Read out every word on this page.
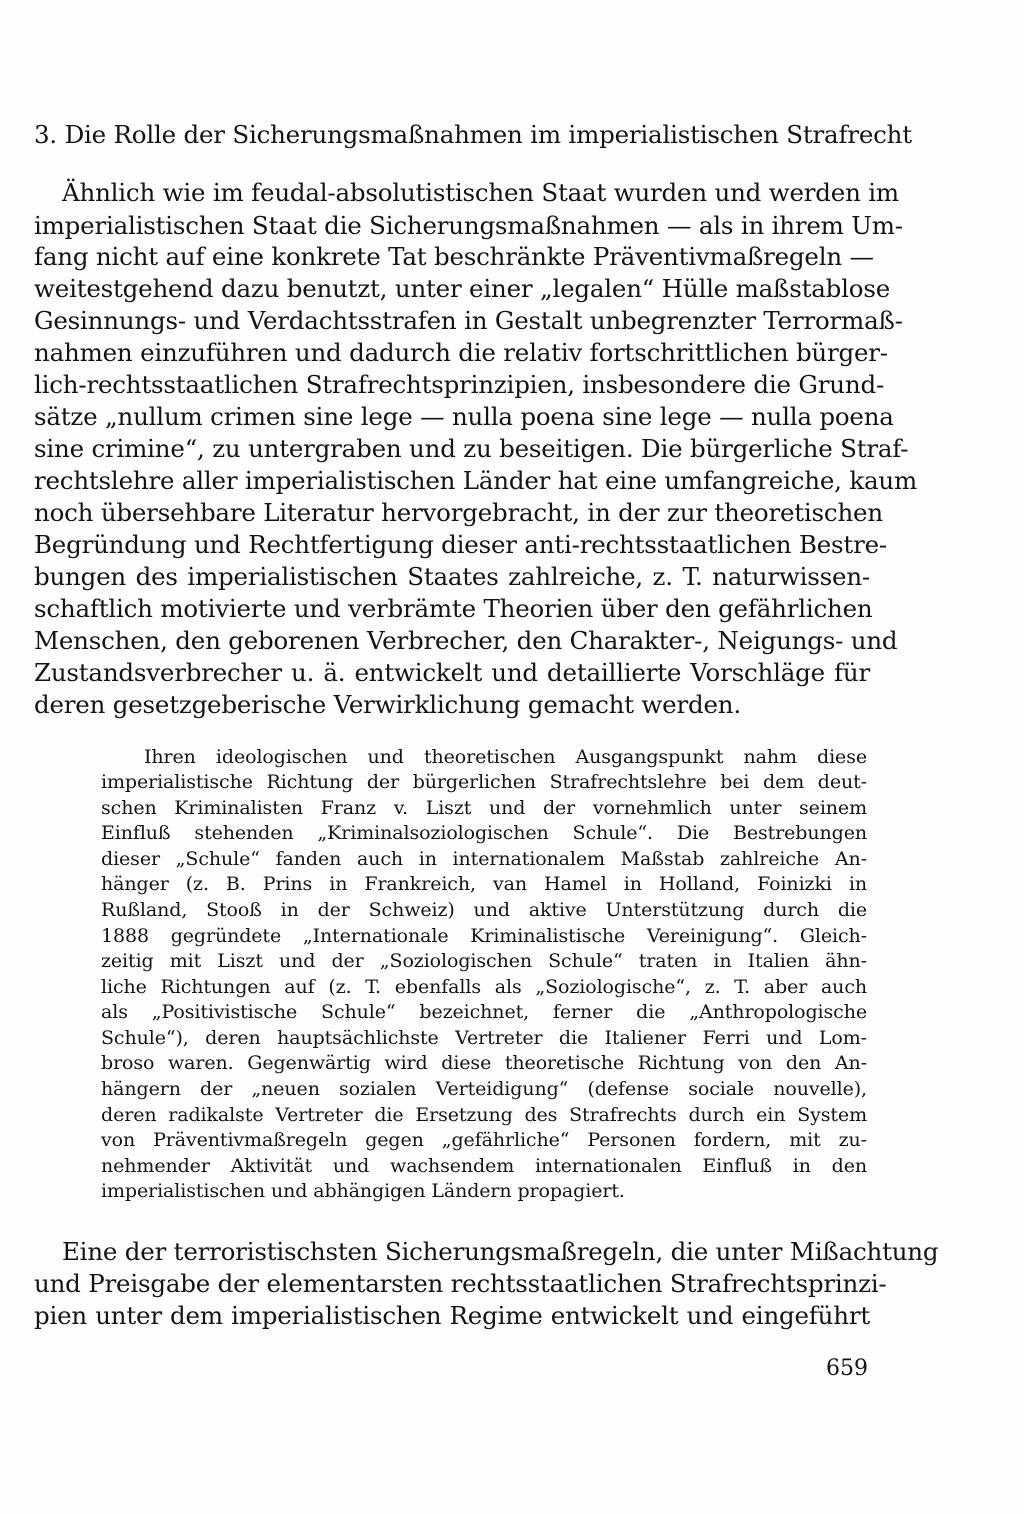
3. Die Rolle der Sicherungsmaßnahmen im imperialistischen Strafrecht

Ähnlich wie im feudal-absolutistischen Staat wurden und werden im

imperialistischen Staat die Sicherungsmaßnahmen — als in ihrem Um-

fang nicht auf eine konkrete Tat beschränkte Präventivmaßregeln —

weitestgehend dazu benutzt, unter einer „legalen“ Hülle maßstablose

Gesinnungs- und Verdachtsstrafen in Gestalt unbegrenzter Terrormaß-

nahmen einzuführen und dadurch die relativ fortschrittlichen bürger-

lich-rechtsstaatlichen Strafrechtsprinzipien, insbesondere die Grund-

sätze „nullum crimen sine lege — nulla poena sine lege — nulla poena

sine crimine“, zu untergraben und zu beseitigen. Die bürgerliche Straf-

rechtslehre aller imperialistischen Länder hat eine umfangreiche, kaum

noch übersehbare Literatur hervorgebracht, in der zur theoretischen

Begründung und Rechtfertigung dieser anti-rechtsstaatlichen Bestre-

bungen des imperialistischen Staates zahlreiche, z. T. naturwissen-

schaftlich motivierte und verbrämte Theorien über den gefährlichen

Menschen, den geborenen Verbrecher, den Charakter-, Neigungs- und

Zustandsverbrecher u. ä. entwickelt und detaillierte Vorschläge für

deren gesetzgeberische Verwirklichung gemacht werden.

Ihren ideologischen und theoretischen Ausgangspunkt nahm diese

imperialistische Richtung der bürgerlichen Strafrechtslehre bei dem deut-

schen Kriminalisten Franz v. Liszt und der vornehmlich unter seinem

Einfluß stehenden „Kriminalsoziologischen Schule“. Die Bestrebungen

dieser „Schule“ fanden auch in internationalem Maßstab zahlreiche An-

hänger (z. B. Prins in Frankreich, van Hamel in Holland, Foinizki in

Rußland, Stooß in der Schweiz) und aktive Unterstützung durch die

1888 gegründete „Internationale Kriminalistische Vereinigung“. Gleich-

zeitig mit Liszt und der „Soziologischen Schule“ traten in Italien ähn-

liche Richtungen auf (z. T. ebenfalls als „Soziologische“, z. T. aber auch

als „Positivistische Schule“ bezeichnet, ferner die „Anthropologische

Schule“), deren hauptsächlichste Vertreter die Italiener Ferri und Lom-

broso waren. Gegenwärtig wird diese theoretische Richtung von den An-

hängern der „neuen sozialen Verteidigung“ (defense sociale nouvelle),

deren radikalste Vertreter die Ersetzung des Strafrechts durch ein System

von Präventivmaßregeln gegen „gefährliche“ Personen fordern, mit zu-

nehmender Aktivität und wachsendem internationalen Einfluß in den

imperialistischen und abhängigen Ländern propagiert.

Eine der terroristischsten Sicherungsmaßregeln, die unter Mißachtung

und Preisgabe der elementarsten rechtsstaatlichen Strafrechtsprinzi-

pien unter dem imperialistischen Regime entwickelt und eingeführt

659
